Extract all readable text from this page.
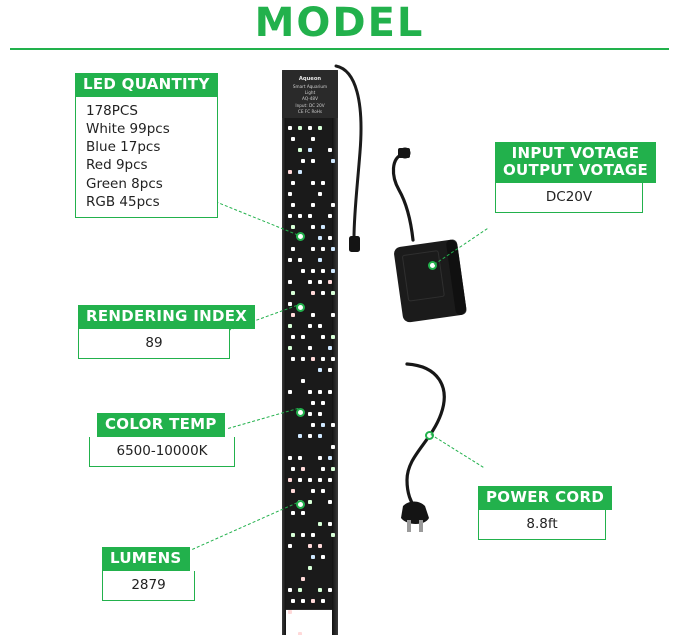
MODEL
Aqueon
Smart Aquarium Light
AQ-48V
Input: DC 20V
CE FC RoHs
LED QUANTITY
178PCS
White 99pcs
Blue 17pcs
Red 9pcs
Green 8pcs
RGB 45pcs
RENDERING INDEX
89
COLOR TEMP
6500-10000K
LUMENS
2879
INPUT VOTAGE
OUTPUT VOTAGE
DC20V
POWER CORD
8.8ft
